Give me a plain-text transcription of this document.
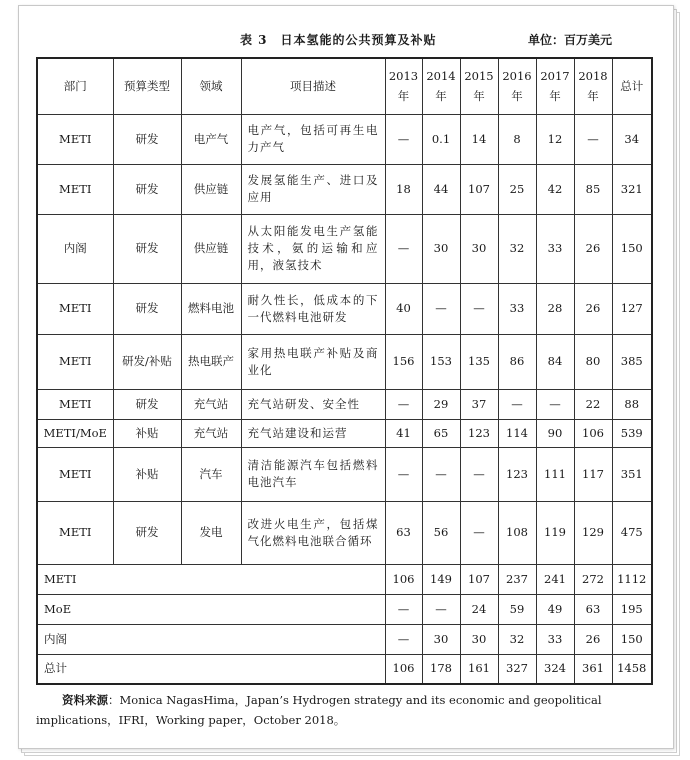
表 3　日本氢能的公共预算及补贴	单位：百万美元
部门	预算类型	领域	项目描述	2013年	2014年	2015年	2016年	2017年	2018年	总计
METI	研发	电产气	电产气，包括可再生电力产气	—	0.1	14	8	12	—	34
METI	研发	供应链	发展氢能生产、进口及应用	18	44	107	25	42	85	321
内阁	研发	供应链	从太阳能发电生产氢能技术，氨的运输和应用，液氢技术	—	30	30	32	33	26	150
METI	研发	燃料电池	耐久性长，低成本的下一代燃料电池研发	40	—	—	33	28	26	127
METI	研发/补贴	热电联产	家用热电联产补贴及商业化	156	153	135	86	84	80	385
METI	研发	充气站	充气站研发、安全性	—	29	37	—	—	22	88
METI/MoE	补贴	充气站	充气站建设和运营	41	65	123	114	90	106	539
METI	补贴	汽车	清洁能源汽车包括燃料电池汽车	—	—	—	123	111	117	351
METI	研发	发电	改进火电生产，包括煤气化燃料电池联合循环	63	56	—	108	119	129	475
METI				106	149	107	237	241	272	1112
MoE				—	—	24	59	49	63	195
内阁				—	30	30	32	33	26	150
总计				106	178	161	327	324	361	1458
资料来源：Monica NagasHima，Japan’s Hydrogen strategy and its economic and geopolitical implications，IFRI，Working paper，October 2018。
